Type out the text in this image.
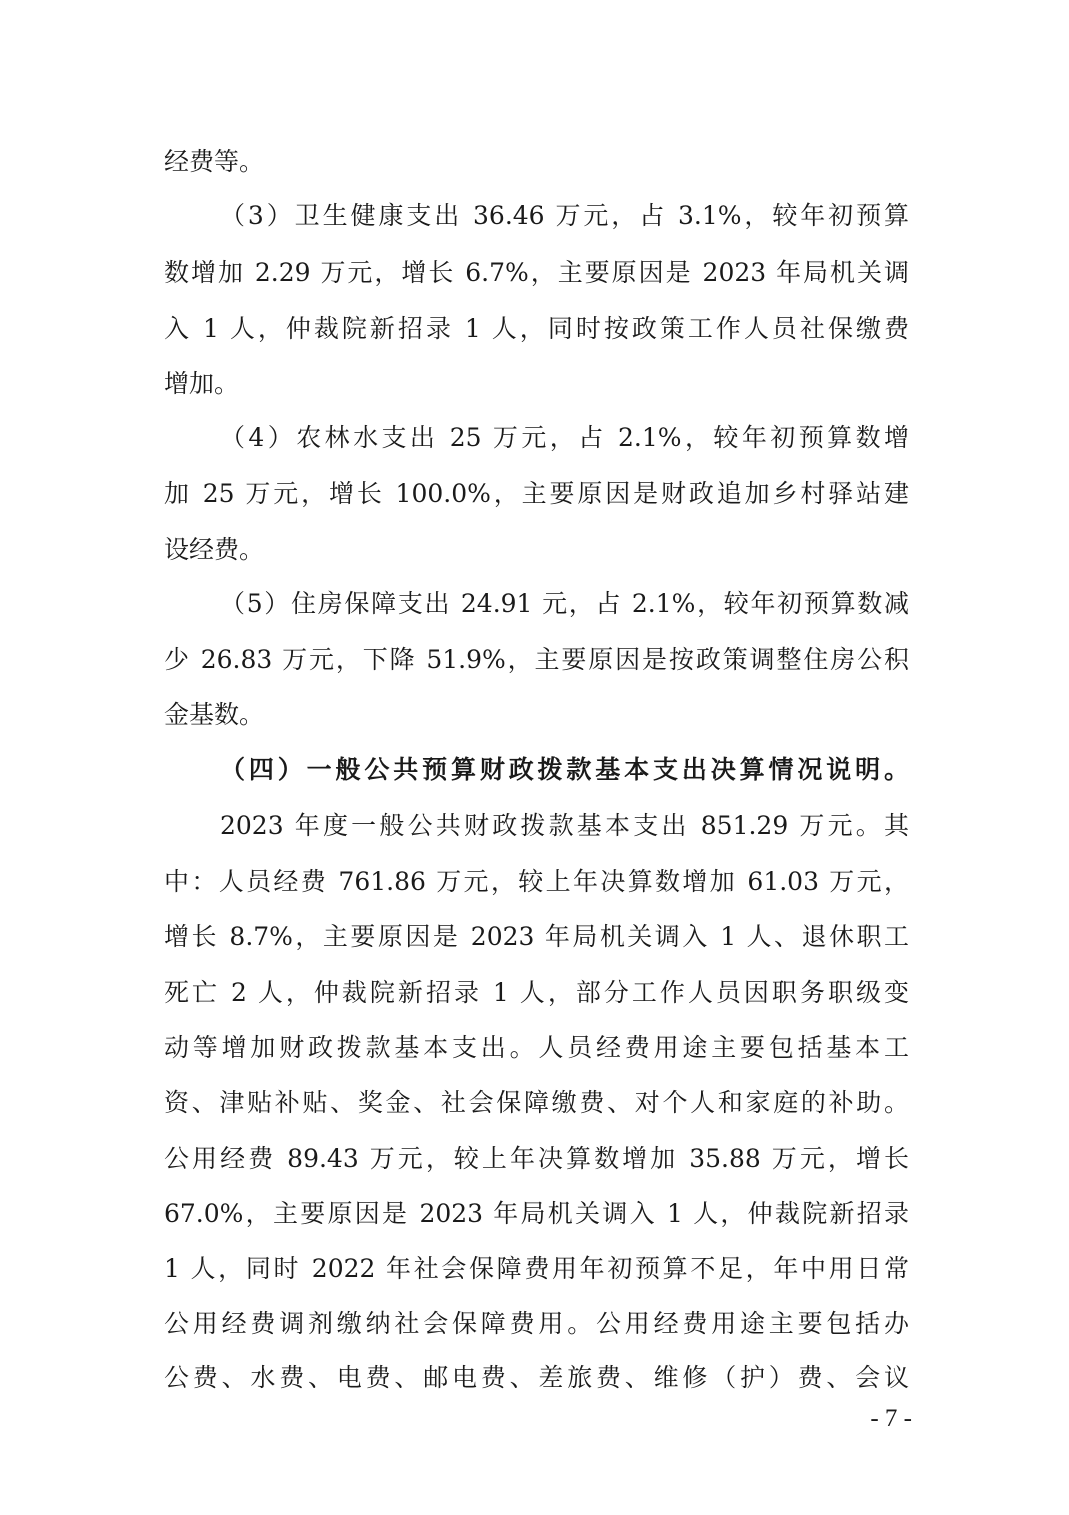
经费等。
（3）卫生健康支出 36.46 万元，占 3.1%，较年初预算
数增加 2.29 万元，增长 6.7%，主要原因是 2023 年局机关调
入 1 人，仲裁院新招录 1 人，同时按政策工作人员社保缴费
增加。
（4）农林水支出 25 万元，占 2.1%，较年初预算数增
加 25 万元，增长 100.0%，主要原因是财政追加乡村驿站建
设经费。
（5）住房保障支出 24.91 元，占 2.1%，较年初预算数减
少 26.83 万元，下降 51.9%，主要原因是按政策调整住房公积
金基数。
（四）一般公共预算财政拨款基本支出决算情况说明。
2023 年度一般公共财政拨款基本支出 851.29 万元。其
中：人员经费 761.86 万元，较上年决算数增加 61.03 万元，
增长 8.7%，主要原因是 2023 年局机关调入 1 人、退休职工
死亡 2 人，仲裁院新招录 1 人，部分工作人员因职务职级变
动等增加财政拨款基本支出。人员经费用途主要包括基本工
资、津贴补贴、奖金、社会保障缴费、对个人和家庭的补助。
公用经费 89.43 万元，较上年决算数增加 35.88 万元，增长
67.0%，主要原因是 2023 年局机关调入 1 人，仲裁院新招录
1 人，同时 2022 年社会保障费用年初预算不足，年中用日常
公用经费调剂缴纳社会保障费用。公用经费用途主要包括办
公费、水费、电费、邮电费、差旅费、维修（护）费、会议
- 7 -
